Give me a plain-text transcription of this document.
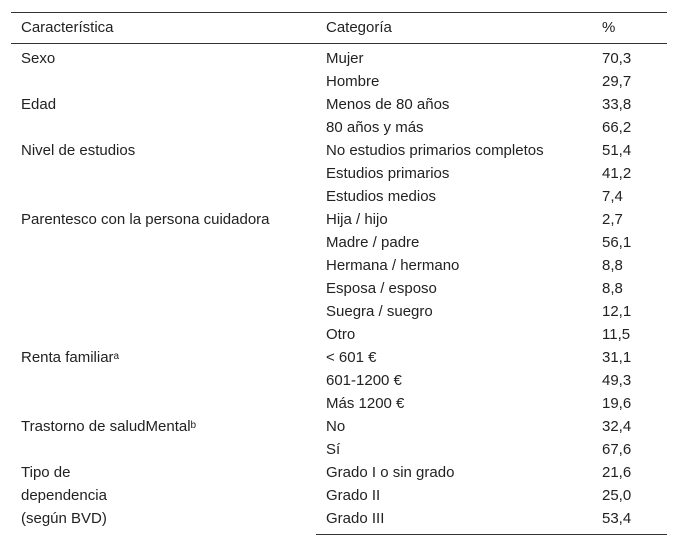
Característica	Categoría	%
Sexo	Mujer	70,3
	Hombre	29,7
Edad	Menos de 80 años	33,8
	80 años y más	66,2
Nivel de estudios	No estudios primarios completos	51,4
	Estudios primarios	41,2
	Estudios medios	7,4
Parentesco con la persona cuidadora	Hija / hijo	2,7
	Madre / padre	56,1
	Hermana / hermano	8,8
	Esposa / esposo	8,8
	Suegra / suegro	12,1
	Otro	11,5
Renta familiar$^a$	< 601 €	31,1
	601-1200 €	49,3
	Más 1200 €	19,6
Trastorno de saludMental$^b$	No	32,4
	Sí	67,6

Tipo de
dependencia
(según BVD)	Grado I o sin grado	21,6
	Grado II	25,0
	Grado III	53,4
